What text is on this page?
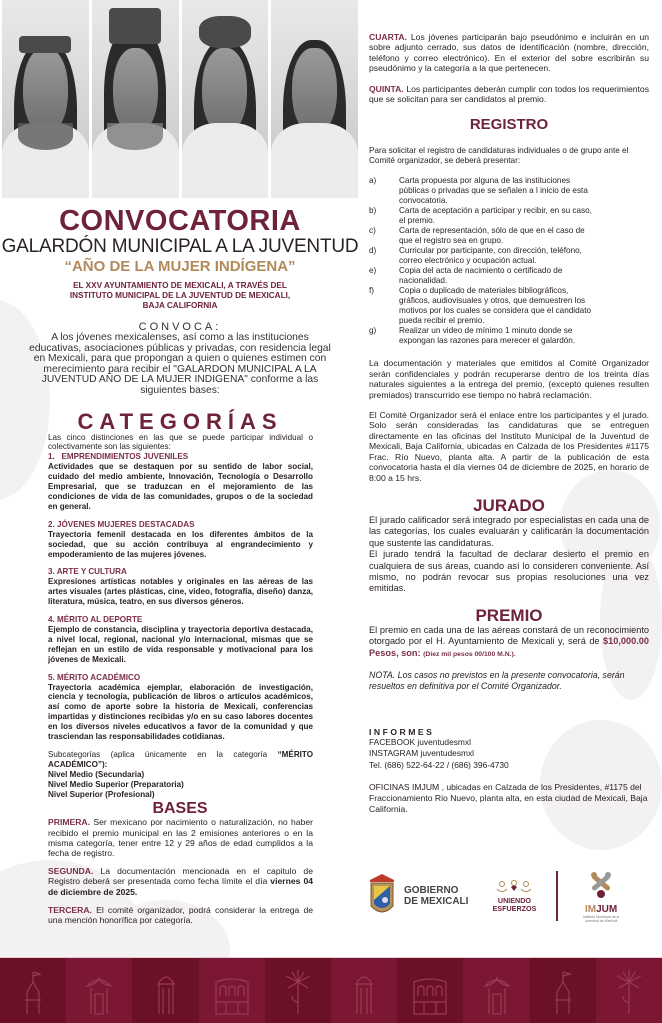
CONVOCATORIA
GALARDÓN MUNICIPAL A LA JUVENTUD
“AÑO DE LA MUJER INDÍGENA”
EL XXV AYUNTAMIENTO DE MEXICALI, A TRAVÉS DEL INSTITUTO MUNICIPAL DE LA JUVENTUD DE MEXICALI, BAJA CALIFORNIA
CONVOCA:
A los jóvenes mexicalenses, así como a las instituciones educativas, asociaciones públicas y privadas, con residencia legal en Mexicali, para que propongan a quien o quienes estimen con merecimiento para recibir el "GALARDON MUNICIPAL A LA JUVENTUD AÑO DE LA MUJER INDIGENA" conforme a las siguientes bases:
CATEGORÍAS
Las cinco distinciones en las que se puede participar individual o colectivamente son las siguientes:
1.   EMPRENDIMIENTOS JUVENILES
Actividades que se destaquen por su sentido de labor social, cuidado del medio ambiente, Innovación, Tecnología o Desarrollo Empresarial, que se traduzcan en el mejoramiento de las condiciones de vida de las comunidades, grupos o de la sociedad en general.
2. JÓVENES MUJERES DESTACADAS
Trayectoria femenil destacada en los diferentes ámbitos de la sociedad, que su acción contribuya al engrandecimiento y empoderamiento de las mujeres jóvenes.
3. ARTE Y CULTURA
Expresiones artísticas notables y originales en las aéreas de las artes visuales (artes plásticas, cine, video, fotografía, diseño) danza, literatura, música, teatro, en sus diversos géneros.
4. MÉRITO AL DEPORTE
Ejemplo de constancia, disciplina y trayectoria deportiva destacada, a nivel local, regional, nacional y/o internacional, mismas que se reflejan en un estilo de vida responsable y motivacional para los jóvenes de Mexicali.
5. MÉRITO ACADÉMICO
Trayectoria académica ejemplar, elaboración de investigación, ciencia y tecnología, publicación de libros o artículos académicos, así como de aporte sobre la historia de Mexicali, conferencias impartidas y distinciones recibidas y/o en su caso labores docentes en los diversos niveles educativos a favor de la comunidad y que trasciendan las responsabilidades cotidianas.
Subcategorías (aplica únicamente en la categoría “MÉRITO ACADÉMICO”):
Nivel Medio (Secundaria)
Nivel Medio Superior (Preparatoria)
Nivel Superior (Profesional)
BASES

PRIMERA. Ser mexicano por nacimiento o naturalización, no haber recibido el premio municipal en las 2 emisiones anteriores o en la misma categoría, tener entre 12 y 29 años de edad cumplidos a la fecha de registro.

SEGUNDA. La documentación mencionada en el capitulo de Registro deberá ser presentada como fecha límite el día viernes 04 de diciembre de 2025.

TERCERA. El comité organizador, podrá considerar la entrega de una mención honorífica por categoría.

CUARTA. Los jóvenes participarán bajo pseudónimo e incluirán en un sobre adjunto cerrado, sus datos de identificación (nombre, dirección, teléfono y correo electrónico). En el exterior del sobre escribirán su pseudónimo y la categoría a la que pertenecen.

QUINTA. Los participantes deberán cumplir con todos los requerimientos que se solicitan para ser candidatos al premio.

REGISTRO

Para solicitar el registro de candidaturas individuales o de grupo ante el Comité organizador, se deberá presentar:

a)	Carta propuesta por alguna de las instituciones públicas o privadas que se señalen a l inicio de esta convocatoria.
b)	Carta de aceptación a participar y recibir, en su caso, el premio.
c)	Carta de representación, sólo de que en el caso de que el registro sea en grupo.
d)	Curricular por participante, con dirección, teléfono, correo electrónico y ocupación actual.
e)	Copia del acta de nacimiento o certificado de nacionalidad.
f)	Copia o duplicado de materiales bibliográficos, gráficos, audiovisuales y otros, que demuestren los motivos por los cuales se considera que el candidato pueda recibir el premio.
g)	Realizar un video de mínimo 1 minuto donde se expongan las razones para merecer el galardón.

La documentación y materiales que emitidos al Comité Organizador serán confidenciales y podrán recuperarse dentro de los treinta días naturales siguientes a la entrega del premio, (excepto quienes resulten premiados) transcurrido ese tiempo no habrá reclamación.

El Comité Organizador será el enlace entre los participantes y el jurado. Solo serán consideradas las candidaturas que se entreguen directamente en las oficinas del Instituto Municipal de la Juventud de Mexicali, Baja California, ubicadas en Calzada de los Presidentes #1175 Frac. Río Nuevo, planta alta. A partir de la publicación de esta convocatoria hasta el día viernes 04 de diciembre de 2025, en horario de 8:00 a 15 hrs.

JURADO

El jurado calificador será integrado por especialistas en cada una de las categorías, los cuales evaluarán y calificarán la documentación que sustente las candidaturas.

El jurado tendrá la facultad de declarar desierto el premio en cualquiera de sus áreas, cuando así lo consideren conveniente. Así mismo, no podrán revocar sus propias resoluciones una vez emitidas.

PREMIO

El premio en cada una de las aéreas constará de un reconocimiento otorgado por el H. Ayuntamiento de Mexicali y, será de $10,000.00 Pesos, son: (Diez mil pesos 00/100 M.N.).

NOTA. Los casos no previstos en la presente convocatoria, serán resueltos en definitiva por el Comité Organizador.

INFORMES
FACEBOOK juventudesmxl
INSTAGRAM juventudesmxl
Tel. (686) 522-64-22 / (686) 396-4730
OFICINAS IMJUM , ubicadas en Calzada de los Presidentes, #1175 del Fraccionamiento Rio Nuevo, planta alta, en esta ciudad de Mexicali, Baja California.
GOBIERNO
DE MEXICALI	UNIENDO
ESFUERZOS	IMJUM
Instituto Municipal de la Juventud de Mexicali
